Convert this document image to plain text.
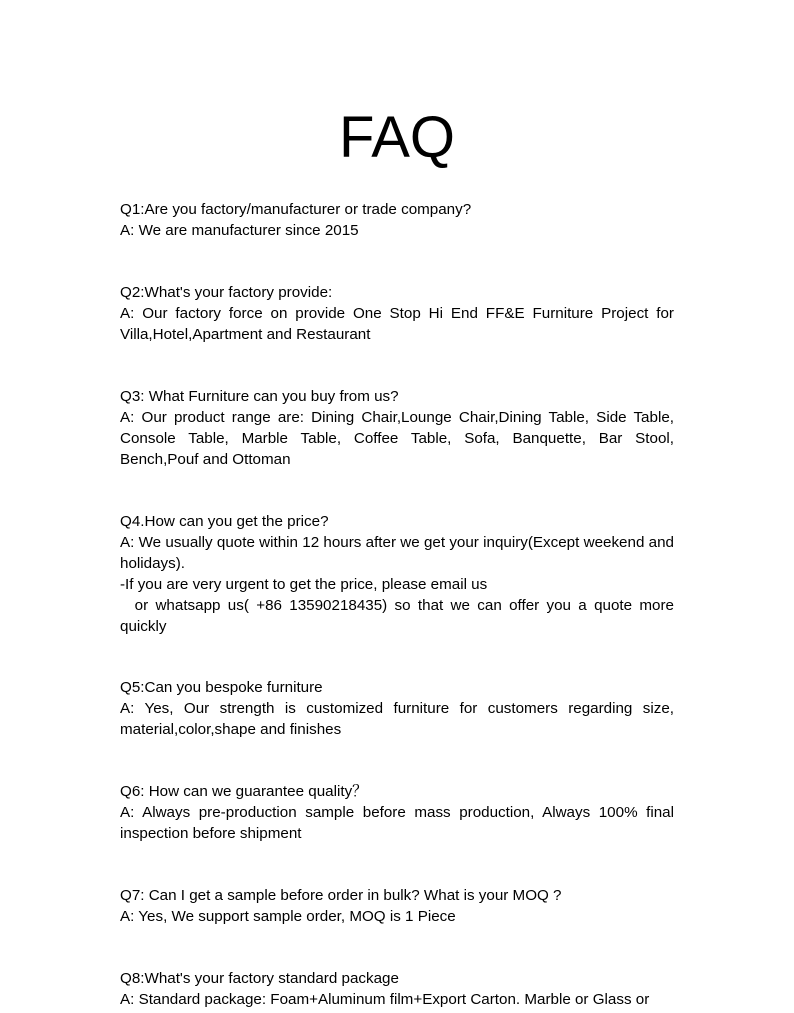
FAQ

Q1:Are you factory/manufacturer or trade company?

A: We are manufacturer since 2015

Q2:What's your factory provide:

A: Our factory force on provide One Stop Hi End FF&E Furniture Project for Villa,Hotel,Apartment and Restaurant

Q3: What Furniture can you buy from us?

A: Our product range are: Dining Chair,Lounge Chair,Dining Table, Side Table, Console Table, Marble Table, Coffee Table, Sofa, Banquette, Bar Stool, Bench,Pouf and Ottoman

Q4.How can you get the price?

A: We usually quote within 12 hours after we get your inquiry(Except weekend and holidays).

-If you are very urgent to get the price, please email us

or whatsapp us( +86 13590218435) so that we can offer you a quote more quickly

Q5:Can you bespoke furniture

A: Yes, Our strength is customized furniture for customers regarding size, material,color,shape and finishes

Q6: How can we guarantee quality？

A: Always pre-production sample before mass production, Always 100% final inspection before shipment

Q7: Can I get a sample before order in bulk? What is your MOQ ?

A: Yes, We support sample order, MOQ is 1 Piece

Q8:What's your factory standard package

A: Standard package: Foam+Aluminum film+Export Carton. Marble or Glass or
